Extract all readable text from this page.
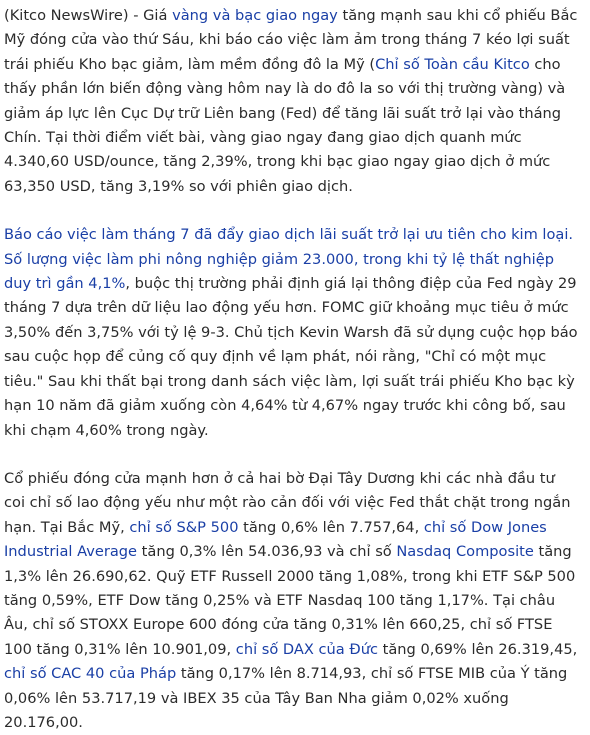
(Kitco NewsWire) - Giá vàng và bạc giao ngay tăng mạnh sau khi cổ phiếu Bắc Mỹ đóng cửa vào thứ Sáu, khi báo cáo việc làm ảm trong tháng 7 kéo lợi suất trái phiếu Kho bạc giảm, làm mềm đồng đô la Mỹ (Chỉ số Toàn cầu Kitco cho thấy phần lớn biến động vàng hôm nay là do đô la so với thị trường vàng) và giảm áp lực lên Cục Dự trữ Liên bang (Fed) để tăng lãi suất trở lại vào tháng Chín. Tại thời điểm viết bài, vàng giao ngay đang giao dịch quanh mức 4.340,60 USD/ounce, tăng 2,39%, trong khi bạc giao ngay giao dịch ở mức 63,350 USD, tăng 3,19% so với phiên giao dịch.

Báo cáo việc làm tháng 7 đã đẩy giao dịch lãi suất trở lại ưu tiên cho kim loại. Số lượng việc làm phi nông nghiệp giảm 23.000, trong khi tỷ lệ thất nghiệp duy trì gần 4,1%, buộc thị trường phải định giá lại thông điệp của Fed ngày 29 tháng 7 dựa trên dữ liệu lao động yếu hơn. FOMC giữ khoảng mục tiêu ở mức 3,50% đến 3,75% với tỷ lệ 9-3. Chủ tịch Kevin Warsh đã sử dụng cuộc họp báo sau cuộc họp để củng cố quy định về lạm phát, nói rằng, "Chỉ có một mục tiêu." Sau khi thất bại trong danh sách việc làm, lợi suất trái phiếu Kho bạc kỳ hạn 10 năm đã giảm xuống còn 4,64% từ 4,67% ngay trước khi công bố, sau khi chạm 4,60% trong ngày.

Cổ phiếu đóng cửa mạnh hơn ở cả hai bờ Đại Tây Dương khi các nhà đầu tư coi chỉ số lao động yếu như một rào cản đối với việc Fed thắt chặt trong ngắn hạn. Tại Bắc Mỹ, chỉ số S&P 500 tăng 0,6% lên 7.757,64, chỉ số Dow Jones Industrial Average tăng 0,3% lên 54.036,93 và chỉ số Nasdaq Composite tăng 1,3% lên 26.690,62. Quỹ ETF Russell 2000 tăng 1,08%, trong khi ETF S&P 500 tăng 0,59%, ETF Dow tăng 0,25% và ETF Nasdaq 100 tăng 1,17%. Tại châu Âu, chỉ số STOXX Europe 600 đóng cửa tăng 0,31% lên 660,25, chỉ số FTSE 100 tăng 0,31% lên 10.901,09, chỉ số DAX của Đức tăng 0,69% lên 26.319,45, chỉ số CAC 40 của Pháp tăng 0,17% lên 8.714,93, chỉ số FTSE MIB của Ý tăng 0,06% lên 53.717,19 và IBEX 35 của Tây Ban Nha giảm 0,02% xuống 20.176,00.
